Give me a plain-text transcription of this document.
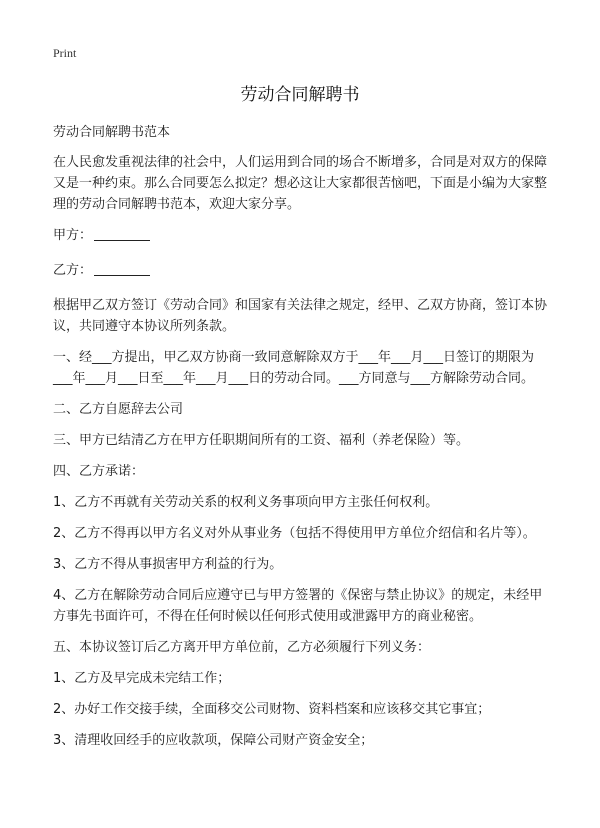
Print
劳动合同解聘书

劳动合同解聘书范本

在人民愈发重视法律的社会中，人们运用到合同的场合不断增多，合同是对双方的保障又是一种约束。那么合同要怎么拟定？想必这让大家都很苦恼吧，下面是小编为大家整理的劳动合同解聘书范本，欢迎大家分享。

甲方：

乙方：

根据甲乙双方签订《劳动合同》和国家有关法律之规定，经甲、乙双方协商，签订本协议，共同遵守本协议所列条款。

一、经___方提出，甲乙双方协商一致同意解除双方于___年___月___日签订的期限为___年___月___日至___年___月___日的劳动合同。___方同意与___方解除劳动合同。

二、乙方自愿辞去公司

三、甲方已结清乙方在甲方任职期间所有的工资、福利（养老保险）等。

四、乙方承诺：

1、乙方不再就有关劳动关系的权利义务事项向甲方主张任何权利。

2、乙方不得再以甲方名义对外从事业务（包括不得使用甲方单位介绍信和名片等）。

3、乙方不得从事损害甲方利益的行为。

4、乙方在解除劳动合同后应遵守已与甲方签署的《保密与禁止协议》的规定，未经甲方事先书面许可，不得在任何时候以任何形式使用或泄露甲方的商业秘密。

五、本协议签订后乙方离开甲方单位前，乙方必须履行下列义务：

1、乙方及早完成未完结工作；

2、办好工作交接手续，全面移交公司财物、资料档案和应该移交其它事宜；

3、清理收回经手的应收款项，保障公司财产资金安全；
